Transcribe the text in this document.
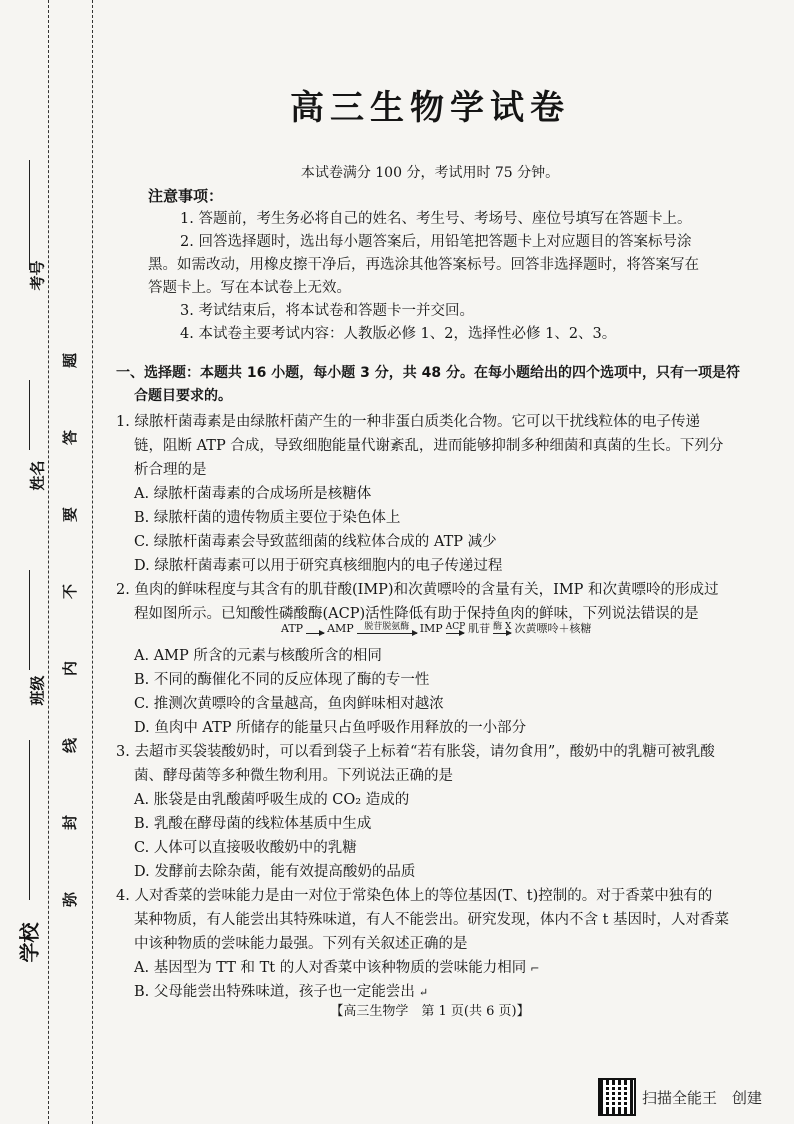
考号
姓名
班级
学校
题
答
要
不
内
线
封
弥
高三生物学试卷
本试卷满分 100 分，考试用时 75 分钟。
注意事项：
1. 答题前，考生务必将自己的姓名、考生号、考场号、座位号填写在答题卡上。
2. 回答选择题时，选出每小题答案后，用铅笔把答题卡上对应题目的答案标号涂
黑。如需改动，用橡皮擦干净后，再选涂其他答案标号。回答非选择题时，将答案写在
答题卡上。写在本试卷上无效。
3. 考试结束后，将本试卷和答题卡一并交回。
4. 本试卷主要考试内容：人教版必修 1、2，选择性必修 1、2、3。
一、选择题：本题共 16 小题，每小题 3 分，共 48 分。在每小题给出的四个选项中，只有一项是符
合题目要求的。
1. 绿脓杆菌毒素是由绿脓杆菌产生的一种非蛋白质类化合物。它可以干扰线粒体的电子传递
链，阻断 ATP 合成，导致细胞能量代谢紊乱，进而能够抑制多种细菌和真菌的生长。下列分
析合理的是
A. 绿脓杆菌毒素的合成场所是核糖体
B. 绿脓杆菌的遗传物质主要位于染色体上
C. 绿脓杆菌毒素会导致蓝细菌的线粒体合成的 ATP 减少
D. 绿脓杆菌毒素可以用于研究真核细胞内的电子传递过程
2. 鱼肉的鲜味程度与其含有的肌苷酸(IMP)和次黄嘌呤的含量有关，IMP 和次黄嘌呤的形成过
程如图所示。已知酸性磷酸酶(ACP)活性降低有助于保持鱼肉的鲜味，下列说法错误的是
ATP
AMP 脱苷脱氨酶 IMP ACP 肌苷 酶 X 次黄嘌呤＋核糖
A. AMP 所含的元素与核酸所含的相同
B. 不同的酶催化不同的反应体现了酶的专一性
C. 推测次黄嘌呤的含量越高，鱼肉鲜味相对越浓
D. 鱼肉中 ATP 所储存的能量只占鱼呼吸作用释放的一小部分
3. 去超市买袋装酸奶时，可以看到袋子上标着“若有胀袋，请勿食用”，酸奶中的乳糖可被乳酸
菌、酵母菌等多种微生物利用。下列说法正确的是
A. 胀袋是由乳酸菌呼吸生成的 CO₂ 造成的
B. 乳酸在酵母菌的线粒体基质中生成
C. 人体可以直接吸收酸奶中的乳糖
D. 发酵前去除杂菌，能有效提高酸奶的品质
4. 人对香菜的尝味能力是由一对位于常染色体上的等位基因(T、t)控制的。对于香菜中独有的
某种物质，有人能尝出其特殊味道，有人不能尝出。研究发现，体内不含 t 基因时，人对香菜
中该种物质的尝味能力最强。下列有关叙述正确的是
A. 基因型为 TT 和 Tt 的人对香菜中该种物质的尝味能力相同 ⌐
B. 父母能尝出特殊味道，孩子也一定能尝出 ↵
【高三生物学　第 1 页(共 6 页)】
扫描全能王　创建
